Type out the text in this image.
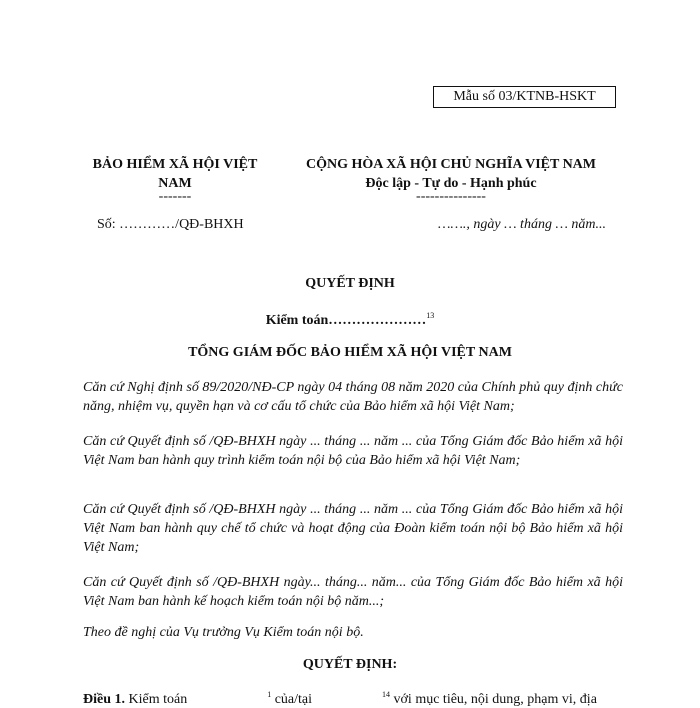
Mẫu số 03/KTNB-HSKT
BẢO HIỂM XÃ HỘI VIỆT
NAM
-------
CỘNG HÒA XÃ HỘI CHỦ NGHĨA VIỆT NAM
Độc lập - Tự do - Hạnh phúc
---------------
Số: …………/QĐ-BHXH	……., ngày … tháng … năm...
QUYẾT ĐỊNH
Kiểm toán…………………$^{13}$
TỔNG GIÁM ĐỐC BẢO HIỂM XÃ HỘI VIỆT NAM
Căn cứ Nghị định số 89/2020/NĐ-CP ngày 04 tháng 08 năm 2020 của Chính phủ quy định chức năng, nhiệm vụ, quyền hạn và cơ cấu tổ chức của Bảo hiểm xã hội Việt Nam;
Căn cứ Quyết định số /QĐ-BHXH ngày ... tháng ... năm ... của Tổng Giám đốc Bảo hiểm xã hội Việt Nam ban hành quy trình kiểm toán nội bộ của Bảo hiểm xã hội Việt Nam;
Căn cứ Quyết định số /QĐ-BHXH ngày ... tháng ... năm ... của Tổng Giám đốc Bảo hiểm xã hội Việt Nam ban hành quy chế tổ chức và hoạt động của Đoàn kiểm toán nội bộ Bảo hiểm xã hội Việt Nam;
Căn cứ Quyết định số /QĐ-BHXH ngày... tháng... năm... của Tổng Giám đốc Bảo hiểm xã hội Việt Nam ban hành kế hoạch kiểm toán nội bộ năm...;
Theo đề nghị của Vụ trưởng Vụ Kiểm toán nội bộ.
QUYẾT ĐỊNH:
Điều 1. Kiểm toán	$^1$ của/tại	$^{14}$ với mục tiêu, nội dung, phạm vi, địa
